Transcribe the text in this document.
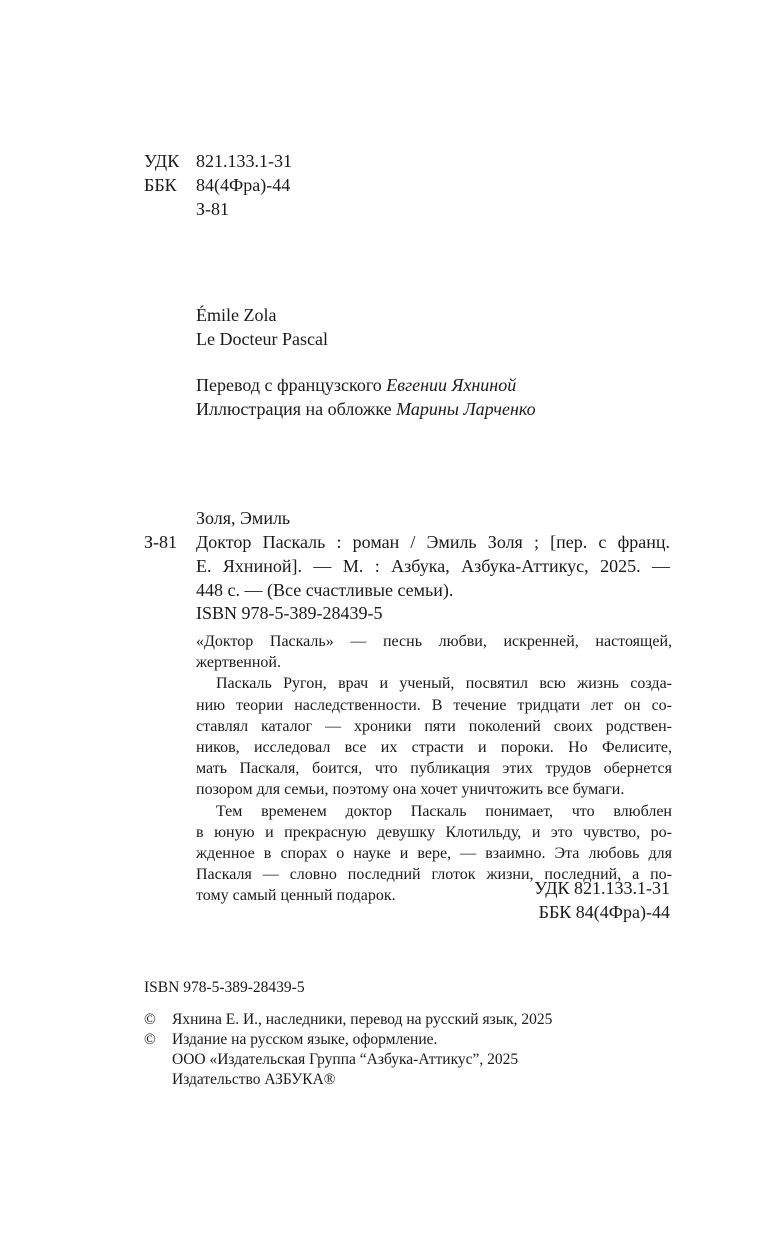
УДК 821.133.1-31
ББК 84(4Фра)-44
З-81
Émile Zola
Le Docteur Pascal
Перевод с французского Евгении Яхниной
Иллюстрация на обложке Марины Ларченко
Золя, Эмиль
З-81 Доктор Паскаль : роман / Эмиль Золя ; [пер. с франц.
Е. Яхниной]. — М. : Азбука, Азбука-Аттикус, 2025. —
448 с. — (Все счастливые семьи).
ISBN 978-5-389-28439-5
«Доктор Паскаль» — песнь любви, искренней, настоящей,
жертвенной.
Паскаль Ругон, врач и ученый, посвятил всю жизнь созда-
нию теории наследственности. В течение тридцати лет он со-
ставлял каталог — хроники пяти поколений своих родствен-
ников, исследовал все их страсти и пороки. Но Фелисите,
мать Паскаля, боится, что публикация этих трудов обернется
позором для семьи, поэтому она хочет уничтожить все бумаги.
Тем временем доктор Паскаль понимает, что влюблен
в юную и прекрасную девушку Клотильду, и это чувство, ро-
жденное в спорах о науке и вере, — взаимно. Эта любовь для
Паскаля — словно последний глоток жизни, последний, а по-
тому самый ценный подарок.	УДК 821.133.1-31
ББК 84(4Фра)-44
ISBN 978-5-389-28439-5
© Яхнина Е. И., наследники, перевод на русский язык, 2025
© Издание на русском языке, оформление.
ООО «Издательская Группа “Азбука-Аттикус”, 2025
Издательство АЗБУКА®
